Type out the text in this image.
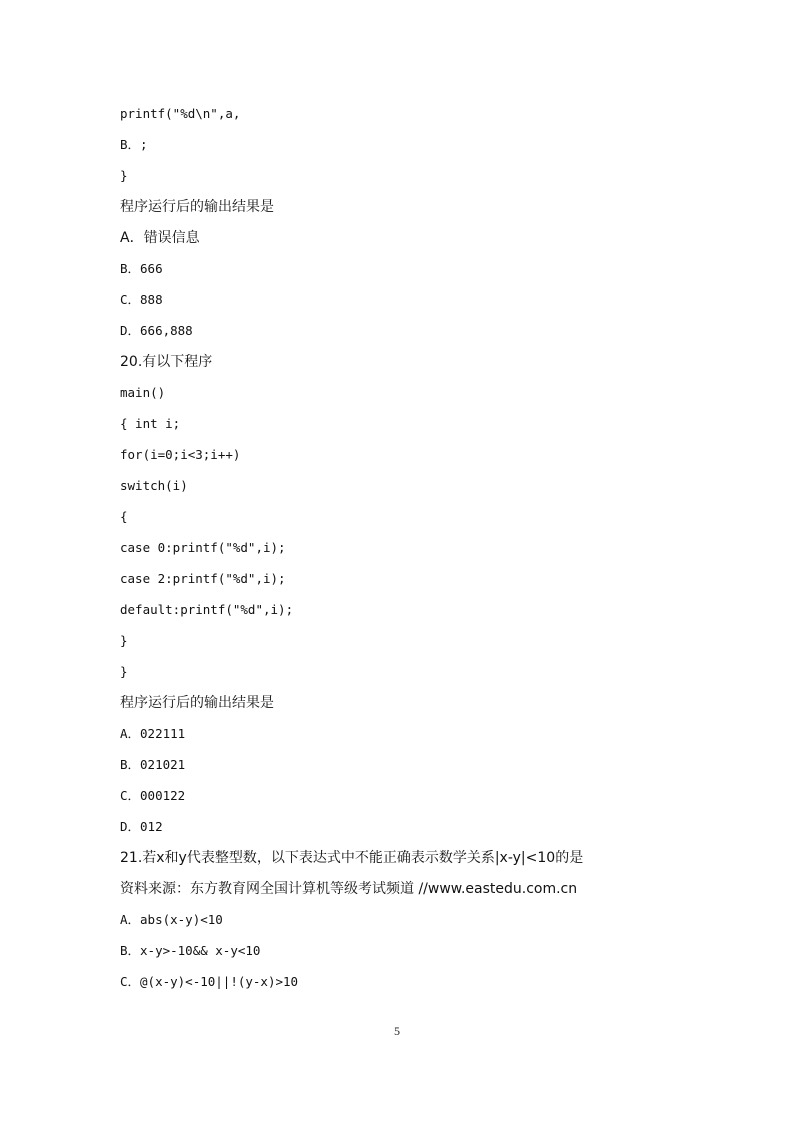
printf("%d\n",a,
B．;
}
程序运行后的输出结果是
A．错误信息
B．666
C．888
D．666,888
20.有以下程序
main()
{ int i;
for(i=0;i<3;i++)
switch(i)
{
case 0:printf("%d",i);
case 2:printf("%d",i);
default:printf("%d",i);
}
}
程序运行后的输出结果是
A．022111
B．021021
C．000122
D．012
21.若x和y代表整型数，以下表达式中不能正确表示数学关系|x-y|<10的是
资料来源：东方教育网全国计算机等级考试频道 //www.eastedu.com.cn
A．abs(x-y)<10
B．x-y>-10&& x-y<10
C．@(x-y)<-10||!(y-x)>10
5
